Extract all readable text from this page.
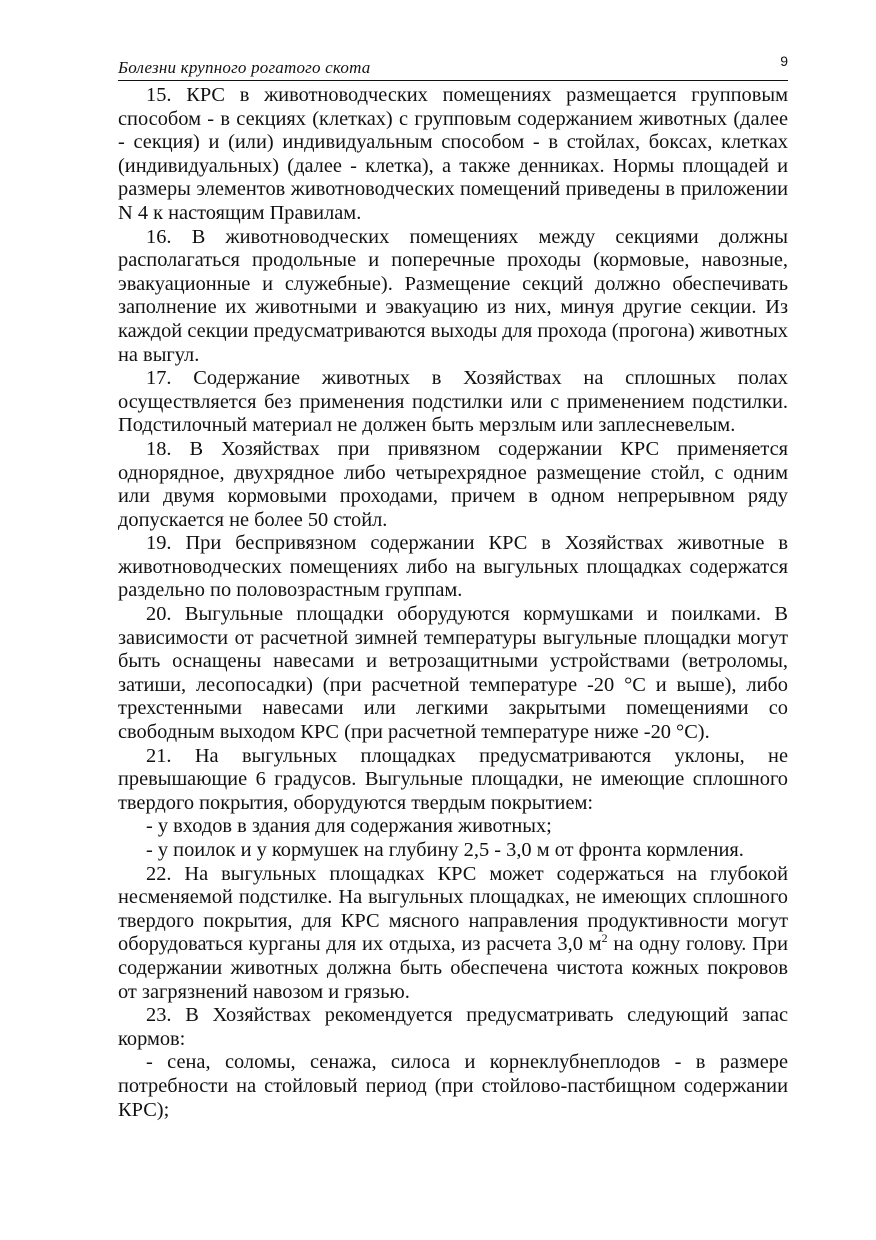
Болезни крупного рогатого скота	9

15. КРС в животноводческих помещениях размещается групповым способом - в секциях (клетках) с групповым содержанием животных (далее - секция) и (или) индивидуальным способом - в стойлах, боксах, клетках (индивидуальных) (далее - клетка), а также денниках. Нормы площадей и размеры элементов животноводческих помещений приведены в приложении N 4 к настоящим Правилам.

16. В животноводческих помещениях между секциями должны располагаться продольные и поперечные проходы (кормовые, навозные, эвакуационные и служебные). Размещение секций должно обеспечивать заполнение их животными и эвакуацию из них, минуя другие секции. Из каждой секции предусматриваются выходы для прохода (прогона) животных на выгул.

17. Содержание животных в Хозяйствах на сплошных полах осуществляется без применения подстилки или с применением подстилки. Подстилочный материал не должен быть мерзлым или заплесневелым.

18. В Хозяйствах при привязном содержании КРС применяется однорядное, двухрядное либо четырехрядное размещение стойл, с одним или двумя кормовыми проходами, причем в одном непрерывном ряду допускается не более 50 стойл.

19. При беспривязном содержании КРС в Хозяйствах животные в животноводческих помещениях либо на выгульных площадках содержатся раздельно по половозрастным группам.

20. Выгульные площадки оборудуются кормушками и поилками. В зависимости от расчетной зимней температуры выгульные площадки могут быть оснащены навесами и ветрозащитными устройствами (ветроломы, затиши, лесопосадки) (при расчетной температуре -20 °С и выше), либо трехстенными навесами или легкими закрытыми помещениями со свободным выходом КРС (при расчетной температуре ниже -20 °С).

21. На выгульных площадках предусматриваются уклоны, не превышающие 6 градусов. Выгульные площадки, не имеющие сплошного твердого покрытия, оборудуются твердым покрытием:

- у входов в здания для содержания животных;

- у поилок и у кормушек на глубину 2,5 - 3,0 м от фронта кормления.

22. На выгульных площадках КРС может содержаться на глубокой несменяемой подстилке. На выгульных площадках, не имеющих сплошного твердого покрытия, для КРС мясного направления продуктивности могут оборудоваться курганы для их отдыха, из расчета 3,0 $м^2$ на одну голову. При содержании животных должна быть обеспечена чистота кожных покровов от загрязнений навозом и грязью.

23. В Хозяйствах рекомендуется предусматривать следующий запас кормов:

- сена, соломы, сенажа, силоса и корнеклубнеплодов - в размере потребности на стойловый период (при стойлово-пастбищном содержании КРС);
